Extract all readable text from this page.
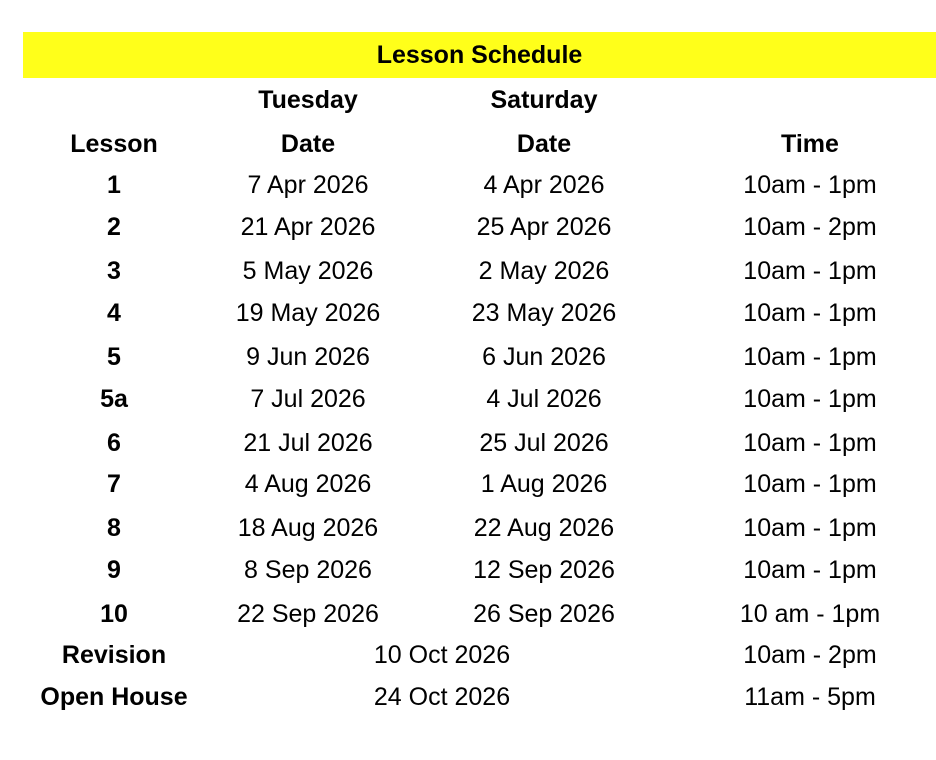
Lesson Schedule
Tuesday	Saturday
Lesson	Date	Date	Time
1	7 Apr 2026	4 Apr 2026	10am - 1pm
2	21 Apr 2026	25 Apr 2026	10am - 2pm
3	5 May 2026	2 May 2026	10am - 1pm
4	19 May 2026	23 May 2026	10am - 1pm
5	9 Jun 2026	6 Jun 2026	10am - 1pm
5a	7 Jul 2026	4 Jul 2026	10am - 1pm
6	21 Jul 2026	25 Jul 2026	10am - 1pm
7	4 Aug 2026	1 Aug 2026	10am - 1pm
8	18 Aug 2026	22 Aug 2026	10am - 1pm
9	8 Sep 2026	12 Sep 2026	10am - 1pm
10	22 Sep 2026	26 Sep 2026	10 am - 1pm
Revision	10 Oct 2026	10am - 2pm
Open House	24 Oct 2026	11am - 5pm
